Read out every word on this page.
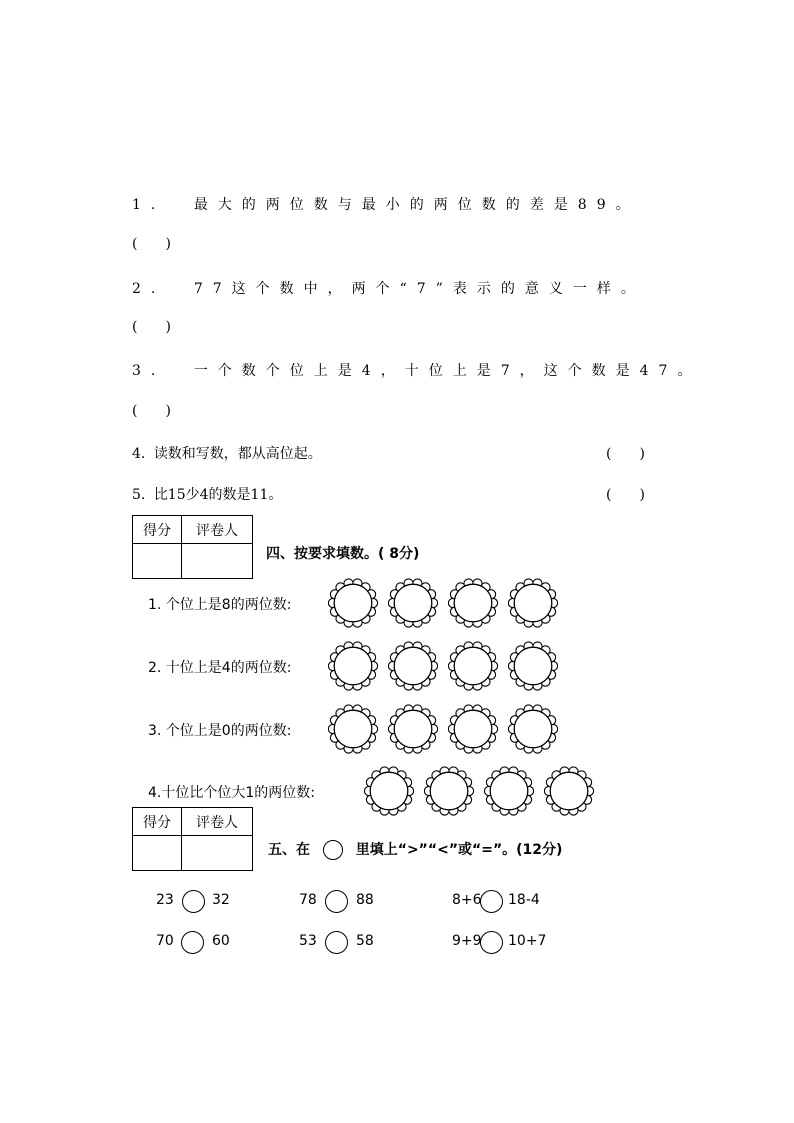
1. 最大的两位数与最小的两位数的差是89。
(　　)
2. 77这个数中，两个“7”表示的意义一样。
(　　)
3. 一个数个位上是4，十位上是7，这个数是47。
(　　)
4. 读数和写数，都从高位起。	(　　)
5. 比15少4的数是11。	(　　)
得分	评卷人

四、按要求填数。( 8分)
1. 个位上是8的两位数:
2. 十位上是4的两位数:
3. 个位上是0的两位数:
4.十位比个位大1的两位数:
得分	评卷人

五、在	里填上“>”“<”或“=”。(12分)
23	32	78	88	8+6 18-4
70	60	53	58	9+9 10+7
